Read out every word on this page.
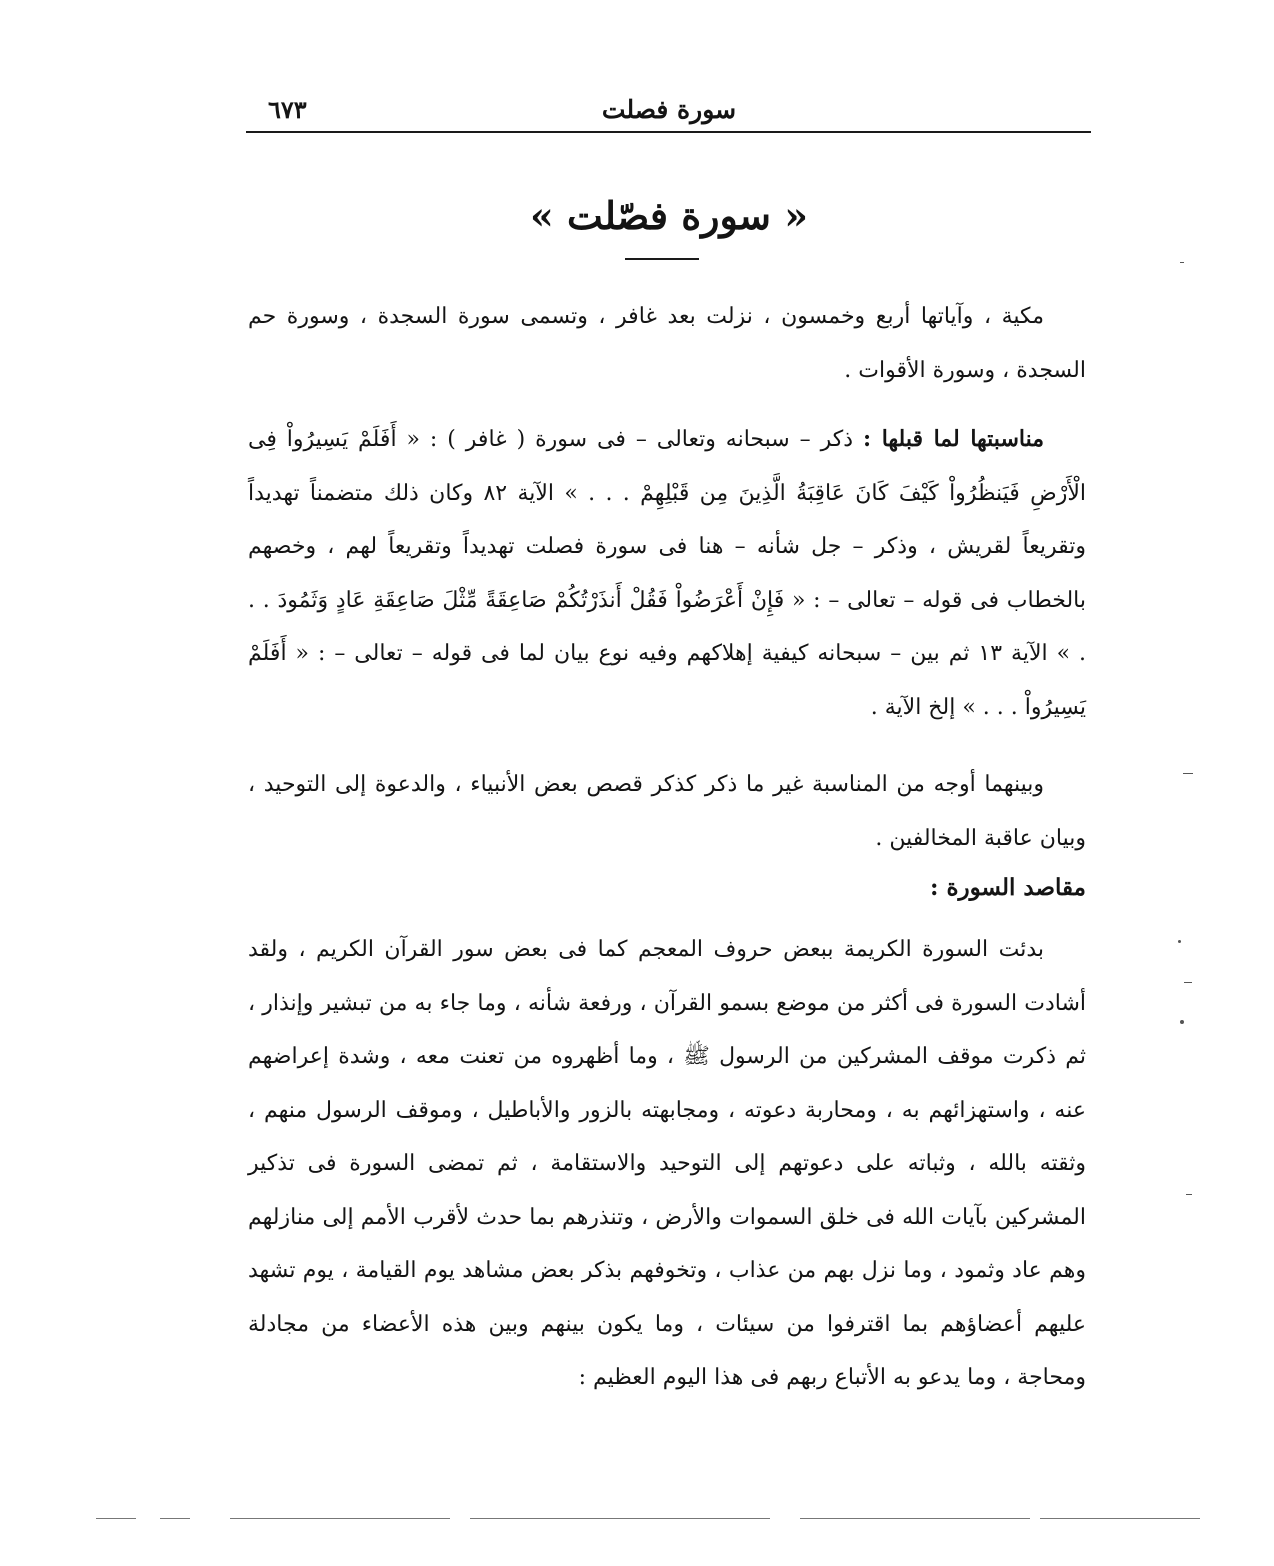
سورة فصلت
٦٧٣
« سورة فصّلت »

مكية ، وآياتها أربع وخمسون ، نزلت بعد غافر ، وتسمى سورة السجدة ، وسورة حم السجدة ، وسورة الأقوات .

مناسبتها لما قبلها : ذكر – سبحانه وتعالى – فى سورة ( غافر ) : « أَفَلَمْ يَسِيرُواْ فِى الْأَرْضِ فَيَنظُرُواْ كَيْفَ كَانَ عَاقِبَةُ الَّذِينَ مِن قَبْلِهِمْ . . . » الآية ٨٢ وكان ذلك متضمناً تهديداً وتقريعاً لقريش ، وذكر – جل شأنه – هنا فى سورة فصلت تهديداً وتقريعاً لهم ، وخصهم بالخطاب فى قوله – تعالى – : « فَإِنْ أَعْرَضُواْ فَقُلْ أَنذَرْتُكُمْ صَاعِقَةً مِّثْلَ صَاعِقَةِ عَادٍ وَثَمُودَ . . . » الآية ١٣ ثم بين – سبحانه كيفية إهلاكهم وفيه نوع بيان لما فى قوله – تعالى – : « أَفَلَمْ يَسِيرُواْ . . . » إلخ الآية .

وبينهما أوجه من المناسبة غير ما ذكر كذكر قصص بعض الأنبياء ، والدعوة إلى التوحيد ، وبيان عاقبة المخالفين .

مقاصد السورة :

بدئت السورة الكريمة ببعض حروف المعجم كما فى بعض سور القرآن الكريم ، ولقد أشادت السورة فى أكثر من موضع بسمو القرآن ، ورفعة شأنه ، وما جاء به من تبشير وإنذار ، ثم ذكرت موقف المشركين من الرسول ﷺ ، وما أظهروه من تعنت معه ، وشدة إعراضهم عنه ، واستهزائهم به ، ومحاربة دعوته ، ومجابهته بالزور والأباطيل ، وموقف الرسول منهم ، وثقته بالله ، وثباته على دعوتهم إلى التوحيد والاستقامة ، ثم تمضى السورة فى تذكير المشركين بآيات الله فى خلق السموات والأرض ، وتنذرهم بما حدث لأقرب الأمم إلى منازلهم وهم عاد وثمود ، وما نزل بهم من عذاب ، وتخوفهم بذكر بعض مشاهد يوم القيامة ، يوم تشهد عليهم أعضاؤهم بما اقترفوا من سيئات ، وما يكون بينهم وبين هذه الأعضاء من مجادلة ومحاجة ، وما يدعو به الأتباع ربهم فى هذا اليوم العظيم :
